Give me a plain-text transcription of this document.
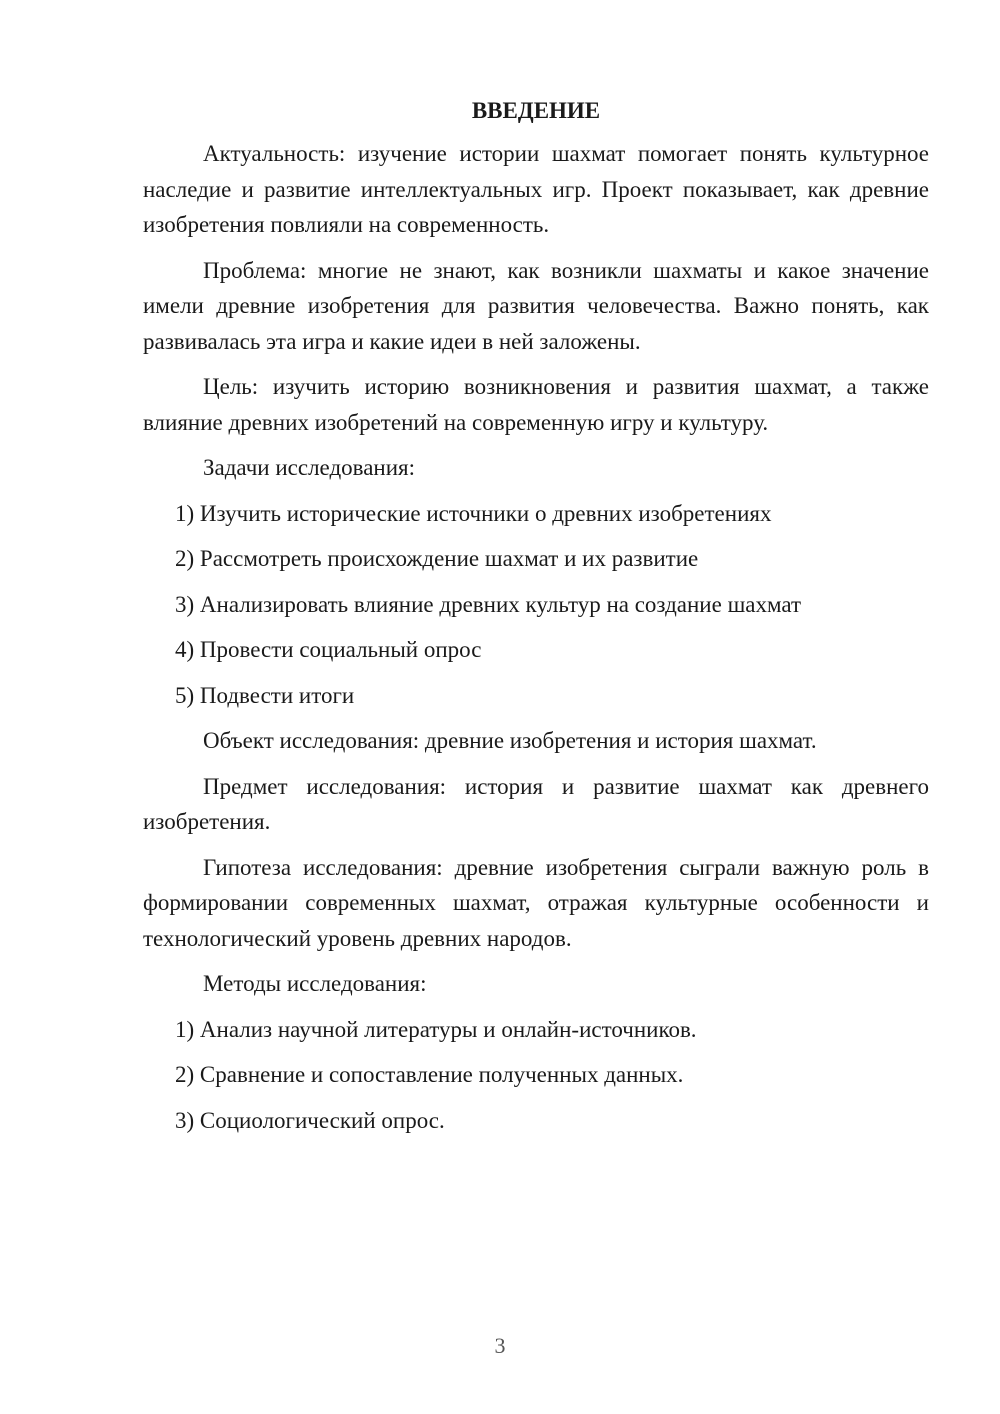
ВВЕДЕНИЕ

Актуальность: изучение истории шахмат помогает понять культурное наследие и развитие интеллектуальных игр. Проект показывает, как древние изобретения повлияли на современность.

Проблема: многие не знают, как возникли шахматы и какое значение имели древние изобретения для развития человечества. Важно понять, как развивалась эта игра и какие идеи в ней заложены.

Цель: изучить историю возникновения и развития шахмат, а также влияние древних изобретений на современную игру и культуру.

Задачи исследования:

1) Изучить исторические источники о древних изобретениях

2) Рассмотреть происхождение шахмат и их развитие

3) Анализировать влияние древних культур на создание шахмат

4) Провести социальный опрос

5) Подвести итоги

Объект исследования: древние изобретения и история шахмат.

Предмет исследования: история и развитие шахмат как древнего изобретения.

Гипотеза исследования: древние изобретения сыграли важную роль в формировании современных шахмат, отражая культурные особенности и технологический уровень древних народов.

Методы исследования:

1) Анализ научной литературы и онлайн-источников.

2) Сравнение и сопоставление полученных данных.

3) Социологический опрос.

3
